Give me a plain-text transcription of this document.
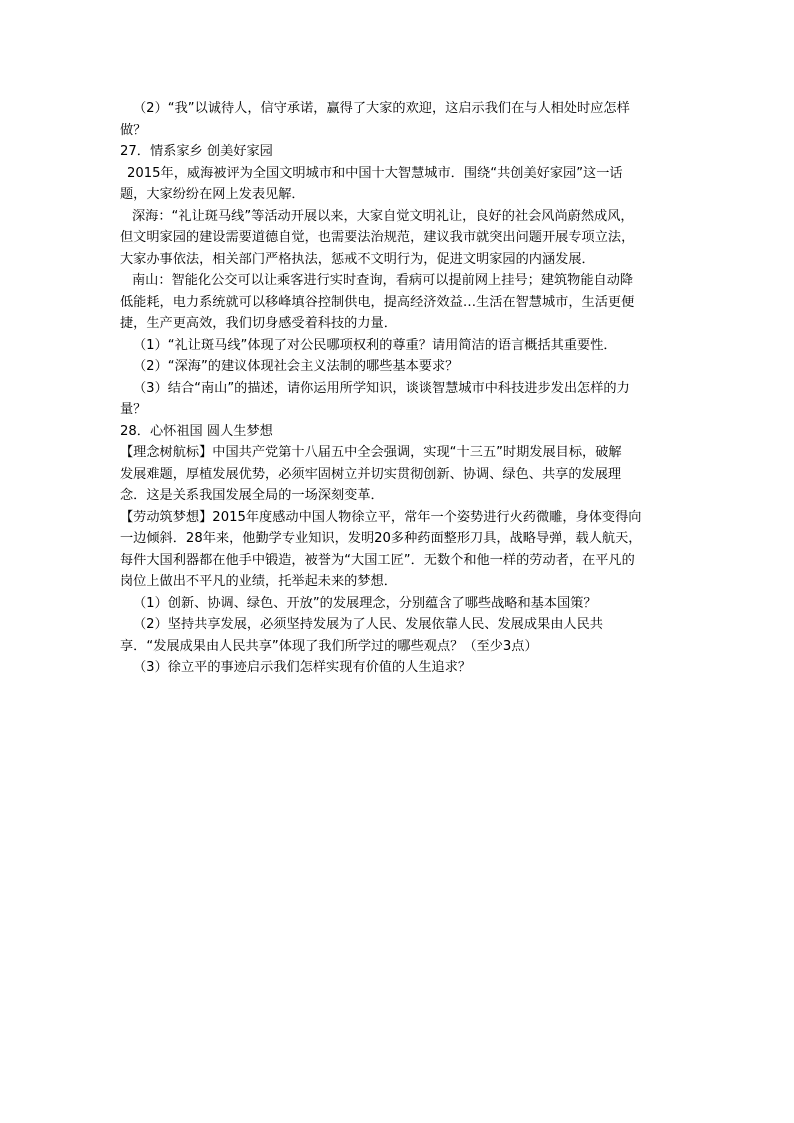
（2）“我”以诚待人，信守承诺，赢得了大家的欢迎，这启示我们在与人相处时应怎样
做？
27．情系家乡 创美好家园
2015年，威海被评为全国文明城市和中国十大智慧城市．围绕“共创美好家园”这一话
题，大家纷纷在网上发表见解．
深海：“礼让斑马线”等活动开展以来，大家自觉文明礼让，良好的社会风尚蔚然成风，
但文明家园的建设需要道德自觉，也需要法治规范，建议我市就突出问题开展专项立法，
大家办事依法，相关部门严格执法，惩戒不文明行为，促进文明家园的内涵发展．
南山：智能化公交可以让乘客进行实时查询，看病可以提前网上挂号；建筑物能自动降
低能耗，电力系统就可以移峰填谷控制供电，提高经济效益…生活在智慧城市，生活更便
捷，生产更高效，我们切身感受着科技的力量．
（1）“礼让斑马线”体现了对公民哪项权利的尊重？请用简洁的语言概括其重要性．
（2）“深海”的建议体现社会主义法制的哪些基本要求？
（3）结合“南山”的描述，请你运用所学知识，谈谈智慧城市中科技进步发出怎样的力
量？
28．心怀祖国 圆人生梦想
【理念树航标】中国共产党第十八届五中全会强调，实现“十三五”时期发展目标，破解
发展难题，厚植发展优势，必须牢固树立并切实贯彻创新、协调、绿色、共享的发展理
念．这是关系我国发展全局的一场深刻变革．
【劳动筑梦想】2015年度感动中国人物徐立平，常年一个姿势进行火药微雕，身体变得向
一边倾斜．28年来，他勤学专业知识，发明20多种药面整形刀具，战略导弹，载人航天，
每件大国利器都在他手中锻造，被誉为“大国工匠”．无数个和他一样的劳动者，在平凡的
岗位上做出不平凡的业绩，托举起未来的梦想．
（1）创新、协调、绿色、开放”的发展理念，分别蕴含了哪些战略和基本国策？
（2）坚持共享发展，必须坚持发展为了人民、发展依靠人民、发展成果由人民共
享．“发展成果由人民共享”体现了我们所学过的哪些观点？（至少3点）
（3）徐立平的事迹启示我们怎样实现有价值的人生追求？
